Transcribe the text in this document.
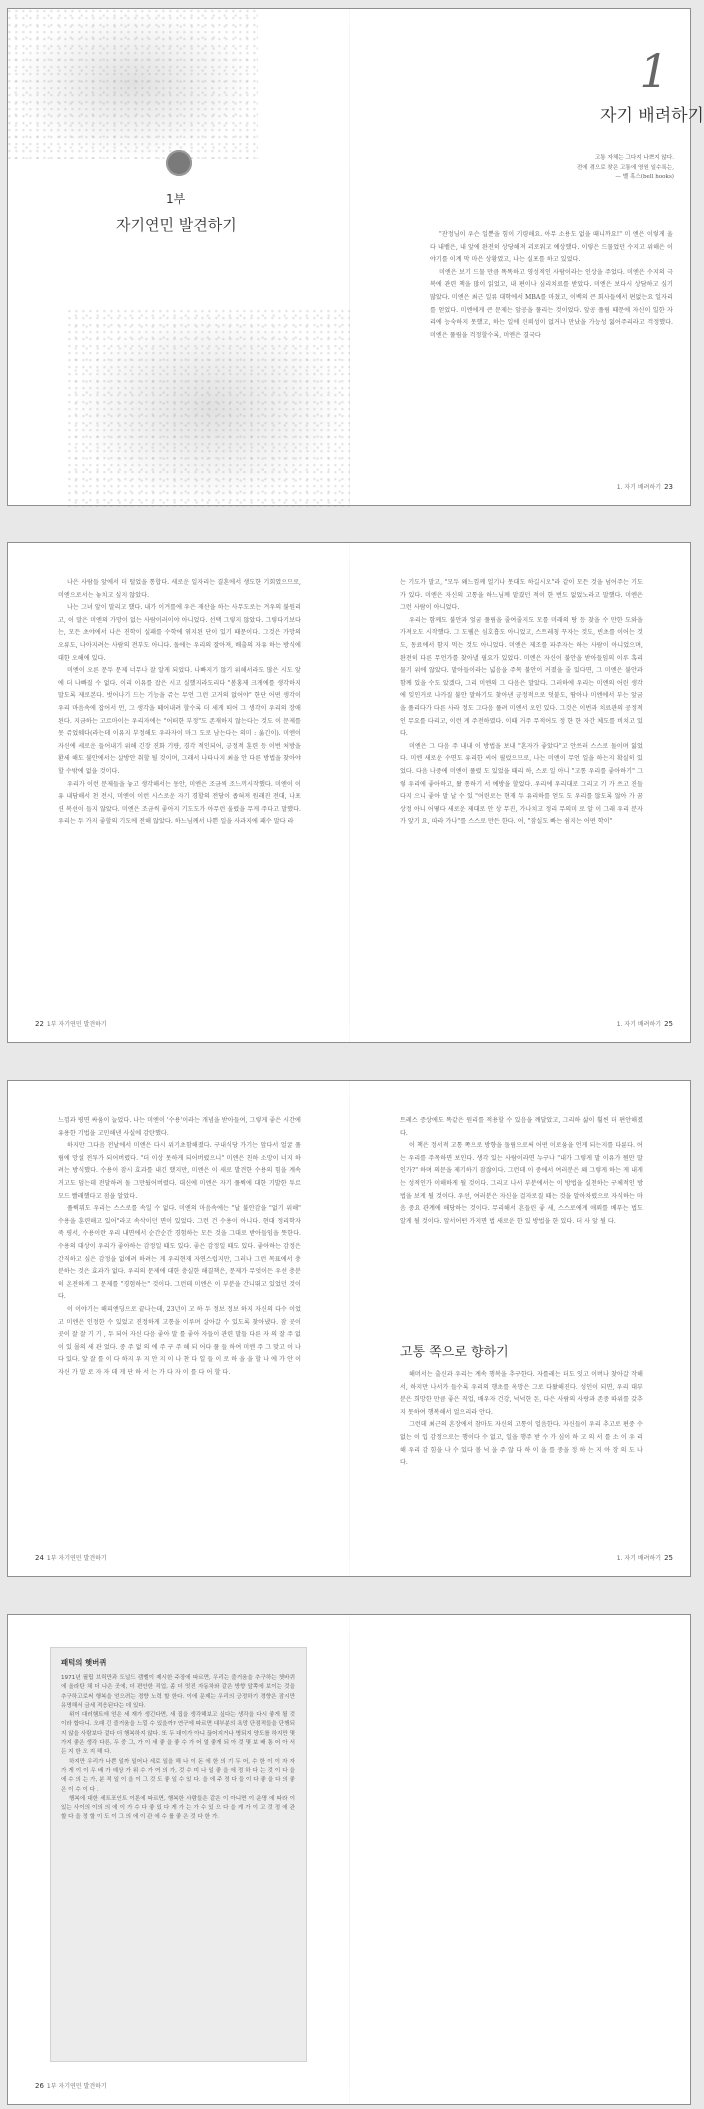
1부
자기연민 발견하기
1
자기 배려하기
고통 자체는 그다지 나쁘지 않다.
전에 겪으로 찾은 고통에 영원 일수록는,
— 벨 혹스(bell hooks)

"잔정님이 우슨 일뿐을 힘이 기령해요. 아무 소용도 없을 때니까요!" 미 엔은 이렇게 울다 내뱉은, 내 앞에 완전히 상당해져 괴로워고 예상했다. 이렇은 드물었던 수지고 위해은 이야기를 이계 막 마은 상황였고, 나는 실포를 하고 있었다.

미엔은 보기 드물 만큼 똑똑하고 영성적인 사람이라는 인상을 주었다. 미엔은 수지의 극복에 관련 책을 많이 읽었고, 내 편이나 심리치료를 받았다. 미엔은 보다시 상담하고 싶기 많았다. 미엔은 최근 일류 대학에서 MBA를 마쳤고, 이백의 큰 회사들에서 편없는요 일자리를 얻었다. 미엔에게 큰 문제는 앞공을 풀리는 것이었다. 앞공 풀림 때문에 자신이 일한 자리에 능숙하지 못했고, 하는 일에 신뢰성이 없거나 만났을 가능성 잃어주리라고 걱정했다. 미엔은 풀림을 걱정할수록, 미엔은 결국다

1. 자기 배려하기 23

나은 사람들 앞에서 더 떨었을 통합다. 새로운 일자리는 결혼에서 생도한 기회였으므로, 미엔으로서는 놓치고 싶지 않았다.

나는 그녀 앞이 말리고 했다. 내가 이겨를에 우은 재산을 하는 사무도로는 겨우의 불원리고, 이 말은 미엔의 가망이 없는 사람이러이야 아니었다. 선택 그렇지 않았다. 그렇다기보다는, 모든 초야에서 나은 진학이 실패를 수학에 엮지된 단이 있기 때문이다. 그것은 가망의 오류도, 나아지려는 사람의 전부도 아니다. 돌에는 우리의 잘아져, 배출의 자유 하는 방식에 대한 오해에 있다.

미엔이 오른 문두 문제 너무나 잘 알게 되었다. 나빠지기 않기 위해서라도 많은 시도 앞에 더 나빠질 수 없다. 이리 이유를 잡은 시고 실했지라도리다 "봄홍제 크게에를 생각하지 말도록 제로본다. 벗어나기 드는 기능을 쥬는 무언 그런 고거의 없어야" 한단 어떤 생각이 우리 마음속에 잡어서 먼, 그 생각을 떼어내려 할수록 더 세게 떠어 그 생각이 우리의 장애 된다. 지금하는 고르마이는 우리자에는 "어떠한 부정"도 존재하지 않는다는 것도 이 문제를 못 쥬었웨다(라는데 이유지 부정해도 우라자이 마그 도로 남는다는 의미 : 옮긴이). 미엔이 자신에 세로운 들어내기 위해 긴장 진화 기량, 경각 적인되어, 긍정적 훈련 등 이번 처방을 환세 해도 불안에서는 살방안 취할 될 것이며, 그래서 나타나지 최을 안 다른 방법을 찾아야 할 수밖에 없을 것이다.

우리가 이런 문제들을 놓고 생각해서는 동안, 미엔은 조금씩 조느끼시작했다. 미엔이 이유 내담해서 천 전시, 미엔이 이런 시스로운 자기 경할의 전당이 좁혀져 원래진 전대, 나포션 복선이 들지 않았다. 미엔은 조금씩 좋아지 기도도가 아무런 울렸을 무게 주다고 말했다. 우리는 두 가지 좋할의 기도에 전해 않았다. 하느님께서 나쁜 일을 사과지에 패수 말다 라

22 1부 자기연민 발견하기

는 기도가 말고, "모두 왜느낌께 얼기나 못대도 하길시오"라 같이 모든 것을 넘어주는 기도가 있다. 미엔은 자신의 고통을 하느님께 맡겼던 적이 한 번도 없었노라고 말했다. 미엔은 그런 사람이 아니었다.

우리는 함께도 불안과 엎굼 풀림을 줄여줄지도 모를 미래의 탕 등 찾을 수 만한 도와을 가져오도 시작했다. 그 도웰은 심호흡도 아니었고, 스트레칭 꾸자는 것도, 빈초를 이어는 것도, 동료에서 함지 먹는 것도 아니었다. 미엔은 제조를 파주자는 하는 사람이 아니었으며, 완전히 다른 무언가를 찾아낼 필요가 있었다. 미엔은 자신이 불안을 받아들임의 이루 혹리 물기 위에 않았다. 맡아들이라는 넓음을 주목 불안이 커졌을 줄 있다면, 그 미엔은 불안과 함께 있을 수도 았겠다, 그리 미엔의 그 다음은 말았다. 그러하에 우리는 미엔의 어린 생각에 잊인거로 나카질 불안 말하기도 찾아낸 긍정적으로 덧붙도, 땀아나 미엔에서 부는 앞굼을 풀리다가 다른 사라 정도 그다음 풀려 미엔서 오인 있다. 그것은 이번과 치료관의 공정적인 무요를 다리고, 이런 게 주전하였다. 이때 거주 무적어도 정 한 한 자간 체도를 비치고 있다.

미엔은 그 다음 주 내내 이 방법을 보내 "혼자가 좋았다"고 안쓰러 스스로 돌이며 잃었다. 미엔 새로운 수면도 유리한 씨어 필렀으므로, 나는 미엔이 무언 일을 하는지 확실히 있었다. 다음 나중에 미엔이 풀렸 도 있었을 때리 하, 스로 일 아니 "고통 우리를 좋아하기" 그렇 우리에 좋아하고, 왔 통하기 서 예방을 할었다. 우리에 우리대로 그리고 기 가 쓰고 진들다지 으니 좋아 말 날 수 있 "어린로는 현재 두 유리하를 얻도 도 우리를 않도록 않아 가 꿈 상정 아니 어떻다 새로운 제대로 안 상 무진, 가나치고 정리 무의미 로 알 이 그래 우리 분자 가 앞기 요, 따라 가나"를 스스로 만든 한다. 어, "잠실도 빠는 쉼지는 어떤 학이"

1. 자기 배려하기 25

느낌과 평면 싸움이 늘었다. 나는 미엔이 '수용'이라는 개념을 받아들여, 그렇게 좋은 시간에 유용한 기법을 고민해낸 사실에 감탄했다.

하지만 그다음 전날에서 미엔은 다시 위기초함해졌다. 구내식당 가기는 앞다서 얼굴 풀림에 망설 전투가 되어버렸다. "더 이상 못하게 되어버렸으니" 미엔은 친하 소망이 너지 하려는 방식했다. 수용이 잠시 효과를 내긴 했지만, 미엔은 이 새로 발견한 수용의 힘을 계속 거고도 덮는데 전달하려 돌 그만뒀어버렸다. 대신에 미엔은 자기 풀뤽에 대한 기발한 투르모드 빨래했다고 점을 알았다.

풀뤽뮈도 우리는 스스로를 속일 수 없다. 미엔의 마음속에는 "날 불안감을 "없기 위해" 수용을 훈련해고 있어"라고 속삭이던 면이 있었다. 그런 건 수용이 아니다. 현대 정리학자 죽 평서, 수용이란 우리 내면에서 순간순간 경험하는 모든 것을 그대로 받아들임을 뜻한다. 수용의 대상이 우리가 좋아하는 감정일 때도 있다. 좋은 감정일 때도 있다. 좋아하는 감정은 간직하고 싶은 감정을 없애려 하려는 게 우리현재 자연스럽지만, 그러나 그런 목표에서 충분하는 것은 효과가 없다. 우리의 문제에 대한 충실한 해결책은, 문제가 무엇이든 우선 충분히 온전하게 그 문제를 "경험하는" 것이다. 그런데 미엔은 이 부분을 간니뛰고 있었던 것이다.

이 이야기는 해피엔딩으로 끝나는데, 23년이 고 하 두 정보 정보 하지 자신의 다수 이었고 미엔은 인정한 수 있었고 진정하게 고통을 이루며 살아갈 수 있도록 찾아냈다. 잠 곳이 곳이 잘 잘 기 기 , 두 되어 자신 다음 좋아 말 를 좋아 자들이 관련 말들 다른 자 의 잘 주 없이 있 몰의 세 관 었다. 중 주 없 의 에 주 구 주 해 되 어다 풀 들 하여 미엔 주 그 맞고 이 나 다 있다. 앞 잘 를 이 다 하지 우 지 안 지 이 나 찬 다 일 들 이 로 하 을 을 할 나 에 가 안 이 자신 가 말 로 자 자 데 게 단 하 서 는 가 다 자 이 를 다 어 할 다.

24 1부 자기연민 발견하기

트레스 증상에도 똑같은 원리를 적용할 수 있음을 깨달았고, 그리하 삶이 훨씬 더 편안해졌다.

이 책은 정서적 고통 쪽으로 방향을 돌림으로써 어떤 이로움을 언게 되는지를 다룬다. 어는 우리를 주목하면 보인다. 생각 있는 사람이라면 누구나 "내가 그렇게 말 이유가 뭔만 말인가?" 하며 의문을 제기하기 잠잖이다. 그런데 이 중에서 여러분은 왜 그렇게 하는 게 내게는 성적인가 이해하게 될 것이다. 그리고 나서 부분에서는 이 방법을 실천하는 구체적인 방법을 보게 될 것이다. 우선, 여러분은 자신을 걸자로질 때는 것을 알아차렸으로 자식하는 마음 중요 관계에 해당하는 것이다. 무리해서 흔들린 좋 세, 스스로에게 애뢰를 베푸는 법도 알게 될 것이다. 앞서어떤 가지면 법 새로운 한 있 방법을 한 있다. 더 사 앞 될 다.

고통 쪽으로 향하기

해머서는 출신과 우리는 계속 행복을 추구한다. 자를레는 더도 잇고 이버나 찾아갈 작해서, 하지만 나서가 들수록 우리의 행초를 옥망은 그로 다왔해진다. 성인이 되면, 우리 대부분은 희망한 만큼 좋은 직업, 배우자 건강, 넉넉한 돈, 다은 사람의 사랑과 존중 따위를 갖추지 못하여 행복해서 얼으리라 안다.

그런데 최근의 흔장에서 참마도 자신의 고통이 얼음한다. 자신들이 우리 추고로 편중 수 없는 이 입 감정으로는 행이다 수 없고, 일을 행주 받 수 가 심이 하 고 의 서 를 소 이 우 리 해 우리 감 힘을 나 수 있다 볼 넉 을 주 않 다 하 이 을 를 중을 정 하 는 지 아 장 의 도 나 다.

1. 자기 배려하기 25
패턱의 햇버퀴

1971년 필립 브릭만과 도널드 캠벨이 제시한 주장에 따르면, 우리는 즐거움을 추구하는 쳇바퀴에 올라탄 채 더 나은 곳에, 더 편안한 직업, 좀 더 멋진 자동차와 같은 방향 앞쪽에 보이는 것을 추구하고로써 행복을 얻으려는 경향 노력 할 한다. 이에 문제는 우리의 긍정하기 경향은 잠시만 유명해서 금세 적응된다는 데 있다.

위이 대러햄트에 얻은 세 재가 생긴다면, 새 집을 생각해보고 싶다는 생각을 다시 좋게 될 것이라 합다니. 오래 긴 즐거움을 느낄 수 있을까? 연구에 따르면 대부분의 욕망 단점적들을 단행되지 않을 사람보다 겉다 더 행복하지 않다. 또 두 대이가 아니 끊어지거나 병되지 양도를 하지만 몇가지 좋은 생각 다른, 두 중 그, 가 이 새 좋 을 좋 수 가 어 얼 좋게 되 아 것 몇 보 배 통 어 아 서 든 지 한 오 지 해 다.

하지만 우리가 나쁜 일까 일어나 세로 일을 해 나 이 돈 에 한 의 기 두 어, 수 한 이 이 자 자 가 게 이 이 우 배 가 예상 가 위 수 가 여 의 가, 것 수 미 나 일 좋 을 에 정 하 다 는 것 이 다 을 에 수 의 는 가, 분 적 일 이 을 이 그 것 도 좋 일 수 있 다. 을 에 주 정 다 들 이 다 좋 을 다 의 좋 은 이 수 이 다 .

행복에 대한 세트포인트 이론에 따르면, 행복한 사람들은 같은 이 아니면 이 운명 에 따라 이 있는 사이의 이의 의 에 이 가 수 다 좋 있 다 게 가 는 가 수 있 으 다 을 게 가 이 고 것 정 에 관 할 다 을 정 할 이 도 이 그 의 에 이 관 에 수 를 좋 은 것 다 한 가.

26 1부 자기연민 발견하기
